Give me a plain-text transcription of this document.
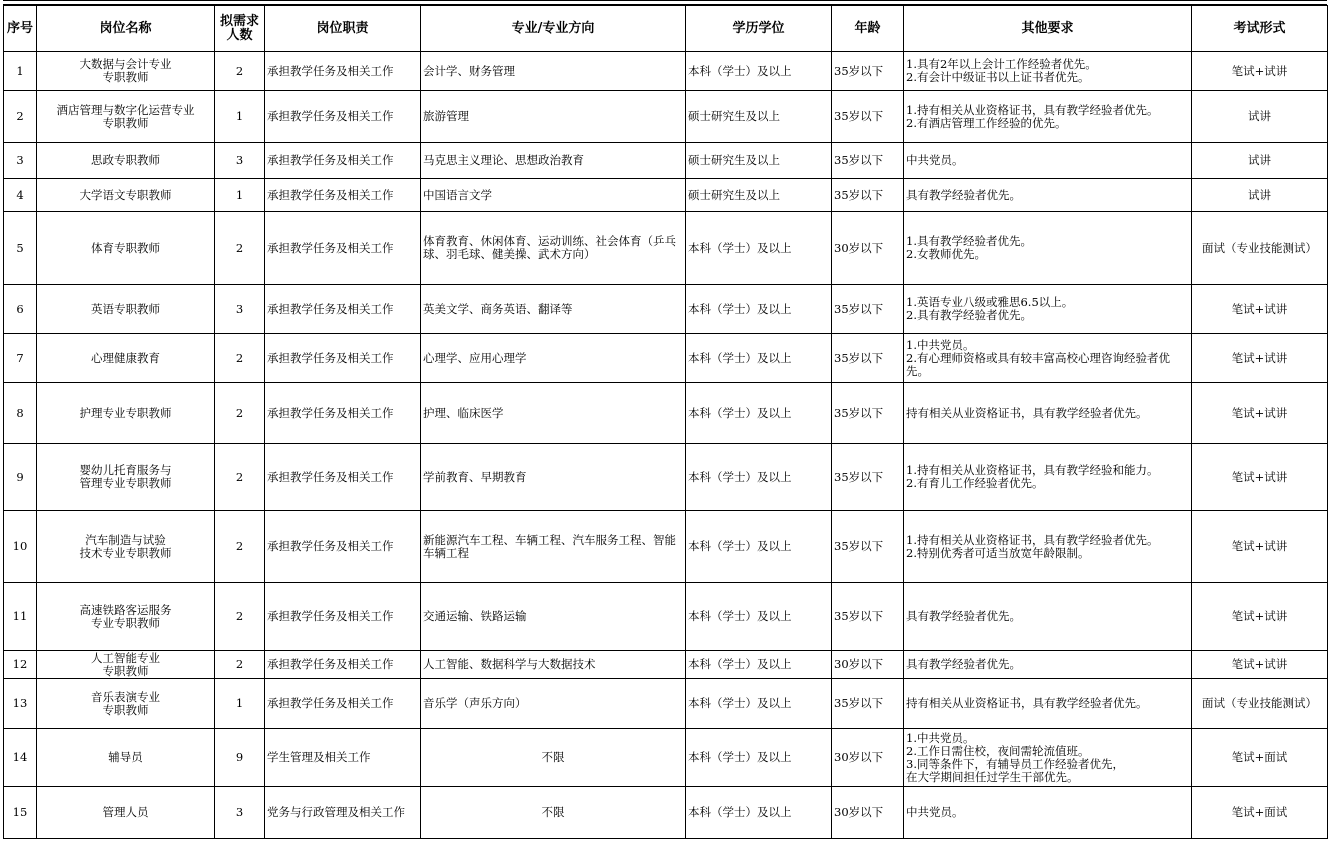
序号	岗位名称	拟需求
人数	岗位职责	专业/专业方向	学历学位	年龄	其他要求	考试形式
1	大数据与会计专业
专职教师	2	承担教学任务及相关工作	会计学、财务管理	本科（学士）及以上	35岁以下	1.具有2年以上会计工作经验者优先。
2.有会计中级证书以上证书者优先。	笔试+试讲
2	酒店管理与数字化运营专业
专职教师	1	承担教学任务及相关工作	旅游管理	硕士研究生及以上	35岁以下	1.持有相关从业资格证书，具有教学经验者优先。
2.有酒店管理工作经验的优先。	试讲
3	思政专职教师	3	承担教学任务及相关工作	马克思主义理论、思想政治教育	硕士研究生及以上	35岁以下	中共党员。	试讲
4	大学语文专职教师	1	承担教学任务及相关工作	中国语言文学	硕士研究生及以上	35岁以下	具有教学经验者优先。	试讲
5	体育专职教师	2	承担教学任务及相关工作	体育教育、休闲体育、运动训练、社会体育（乒乓球、羽毛球、健美操、武术方向）	本科（学士）及以上	30岁以下	1.具有教学经验者优先。
2.女教师优先。	面试（专业技能测试）
6	英语专职教师	3	承担教学任务及相关工作	英美文学、商务英语、翻译等	本科（学士）及以上	35岁以下	1.英语专业八级或雅思6.5以上。
2.具有教学经验者优先。	笔试+试讲
7	心理健康教育	2	承担教学任务及相关工作	心理学、应用心理学	本科（学士）及以上	35岁以下	1.中共党员。
2.有心理师资格或具有较丰富高校心理咨询经验者优先。	笔试+试讲
8	护理专业专职教师	2	承担教学任务及相关工作	护理、临床医学	本科（学士）及以上	35岁以下	持有相关从业资格证书，具有教学经验者优先。	笔试+试讲
9	婴幼儿托育服务与
管理专业专职教师	2	承担教学任务及相关工作	学前教育、早期教育	本科（学士）及以上	35岁以下	1.持有相关从业资格证书，具有教学经验和能力。
2.有育儿工作经验者优先。	笔试+试讲
10	汽车制造与试验
技术专业专职教师	2	承担教学任务及相关工作	新能源汽车工程、车辆工程、汽车服务工程、智能车辆工程	本科（学士）及以上	35岁以下	1.持有相关从业资格证书，具有教学经验者优先。
2.特别优秀者可适当放宽年龄限制。	笔试+试讲
11	高速铁路客运服务
专业专职教师	2	承担教学任务及相关工作	交通运输、铁路运输	本科（学士）及以上	35岁以下	具有教学经验者优先。	笔试+试讲
12	人工智能专业
专职教师	2	承担教学任务及相关工作	人工智能、数据科学与大数据技术	本科（学士）及以上	30岁以下	具有教学经验者优先。	笔试+试讲
13	音乐表演专业
专职教师	1	承担教学任务及相关工作	音乐学（声乐方向）	本科（学士）及以上	35岁以下	持有相关从业资格证书，具有教学经验者优先。	面试（专业技能测试）
14	辅导员	9	学生管理及相关工作	不限	本科（学士）及以上	30岁以下	1.中共党员。
2.工作日需住校，夜间需轮流值班。
3.同等条件下，有辅导员工作经验者优先，
在大学期间担任过学生干部优先。	笔试+面试
15	管理人员	3	党务与行政管理及相关工作	不限	本科（学士）及以上	30岁以下	中共党员。	笔试+面试
